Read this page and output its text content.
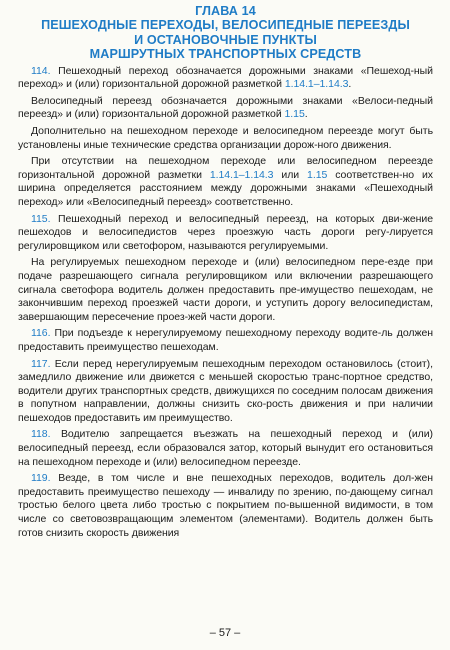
ГЛАВА 14
ПЕШЕХОДНЫЕ ПЕРЕХОДЫ, ВЕЛОСИПЕДНЫЕ ПЕРЕЕЗДЫ
И ОСТАНОВОЧНЫЕ ПУНКТЫ
МАРШРУТНЫХ ТРАНСПОРТНЫХ СРЕДСТВ

114. Пешеходный переход обозначается дорожными знаками «Пешеход-ный переход» и (или) горизонтальной дорожной разметкой 1.14.1–1.14.3.

Велосипедный переезд обозначается дорожными знаками «Велоси-педный переезд» и (или) горизонтальной дорожной разметкой 1.15.

Дополнительно на пешеходном переходе и велосипедном переезде могут быть установлены иные технические средства организации дорож-ного движения.

При отсутствии на пешеходном переходе или велосипедном переезде горизонтальной дорожной разметки 1.14.1–1.14.3 или 1.15 соответствен-но их ширина определяется расстоянием между дорожными знаками «Пешеходный переход» или «Велосипедный переезд» соответственно.

115. Пешеходный переход и велосипедный переезд, на которых дви-жение пешеходов и велосипедистов через проезжую часть дороги регу-лируется регулировщиком или светофором, называются регулируемыми.

На регулируемых пешеходном переходе и (или) велосипедном пере-езде при подаче разрешающего сигнала регулировщиком или включении разрешающего сигнала светофора водитель должен предоставить пре-имущество пешеходам, не закончившим переход проезжей части дороги, и уступить дорогу велосипедистам, завершающим пересечение проез-жей части дороги.

116. При подъезде к нерегулируемому пешеходному переходу водите-ль должен предоставить преимущество пешеходам.

117. Если перед нерегулируемым пешеходным переходом остановилось (стоит), замедлило движение или движется с меньшей скоростью транс-портное средство, водители других транспортных средств, движущихся по соседним полосам движения в попутном направлении, должны снизить ско-рость движения и при наличии пешеходов предоставить им преимущество.

118. Водителю запрещается въезжать на пешеходный переход и (или) велосипедный переезд, если образовался затор, который вынудит его остановиться на пешеходном переходе и (или) велосипедном переезде.

119. Везде, в том числе и вне пешеходных переходов, водитель дол-жен предоставить преимущество пешеходу — инвалиду по зрению, по-дающему сигнал тростью белого цвета либо тростью с покрытием по-вышенной видимости, в том числе со световозвращающим элементом (элементами). Водитель должен быть готов снизить скорость движения

– 57 –
